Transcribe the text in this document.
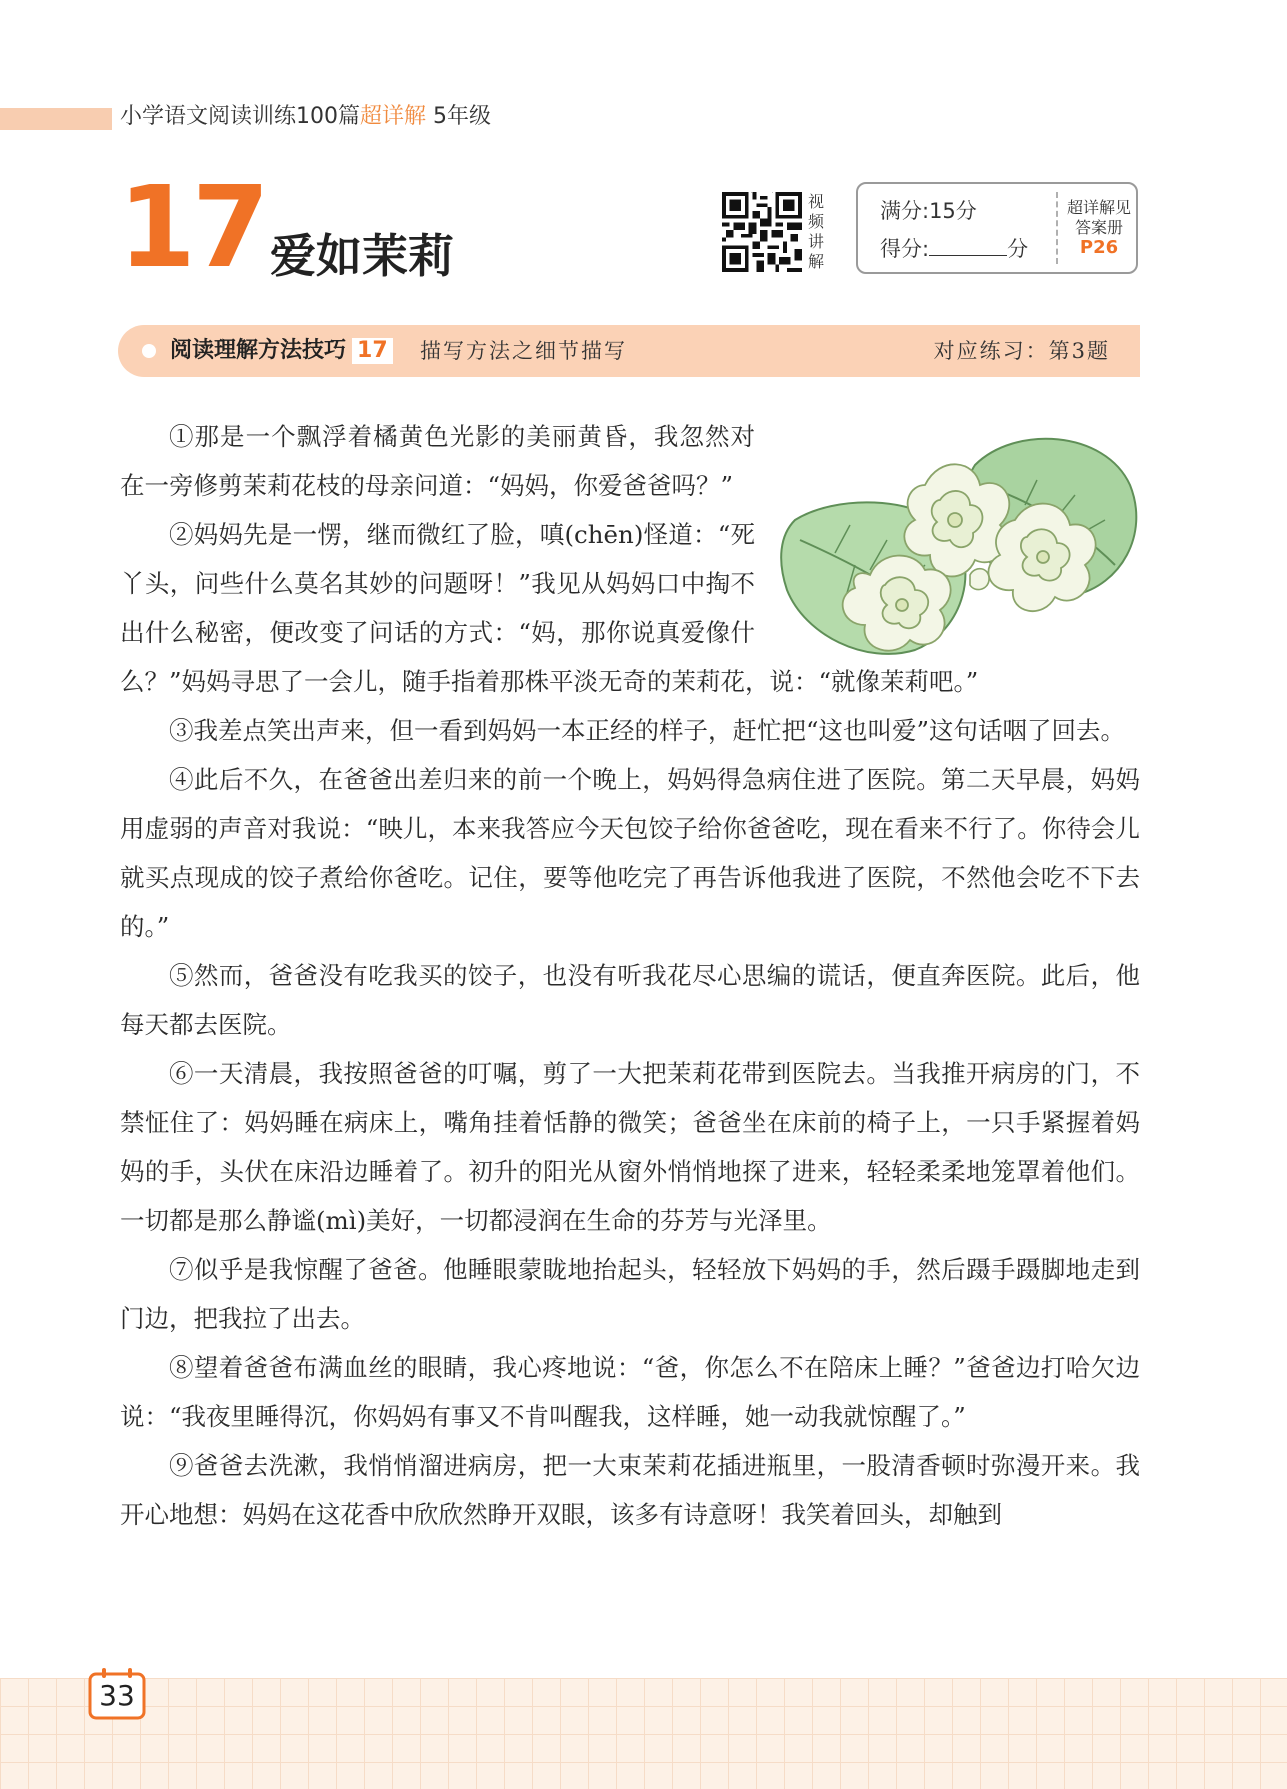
小学语文阅读训练100篇超详解 5年级
17 爱如茉莉
视
频
讲
解
满分:15分
得分:	分
超详解见
答案册
P26
阅读理解方法技巧 17 描写方法之细节描写	对应练习：第3题

①那是一个飘浮着橘黄色光影的美丽黄昏，我忽然对在一旁修剪茉莉花枝的母亲问道：“妈妈，你爱爸爸吗？”

②妈妈先是一愣，继而微红了脸，嗔(chēn)怪道：“死丫头，问些什么莫名其妙的问题呀！”我见从妈妈口中掏不出什么秘密，便改变了问话的方式：“妈，那你说真爱像什么？”妈妈寻思了一会儿，随手指着那株平淡无奇的茉莉花，说：“就像茉莉吧。”

③我差点笑出声来，但一看到妈妈一本正经的样子，赶忙把“这也叫爱”这句话咽了回去。

④此后不久，在爸爸出差归来的前一个晚上，妈妈得急病住进了医院。第二天早晨，妈妈用虚弱的声音对我说：“映儿，本来我答应今天包饺子给你爸爸吃，现在看来不行了。你待会儿就买点现成的饺子煮给你爸吃。记住，要等他吃完了再告诉他我进了医院，不然他会吃不下去的。”

⑤然而，爸爸没有吃我买的饺子，也没有听我花尽心思编的谎话，便直奔医院。此后，他每天都去医院。

⑥一天清晨，我按照爸爸的叮嘱，剪了一大把茉莉花带到医院去。当我推开病房的门，不禁怔住了：妈妈睡在病床上，嘴角挂着恬静的微笑；爸爸坐在床前的椅子上，一只手紧握着妈妈的手，头伏在床沿边睡着了。初升的阳光从窗外悄悄地探了进来，轻轻柔柔地笼罩着他们。一切都是那么静谧(mì)美好，一切都浸润在生命的芬芳与光泽里。

⑦似乎是我惊醒了爸爸。他睡眼蒙眬地抬起头，轻轻放下妈妈的手，然后蹑手蹑脚地走到门边，把我拉了出去。

⑧望着爸爸布满血丝的眼睛，我心疼地说：“爸，你怎么不在陪床上睡？”爸爸边打哈欠边说：“我夜里睡得沉，你妈妈有事又不肯叫醒我，这样睡，她一动我就惊醒了。”

⑨爸爸去洗漱，我悄悄溜进病房，把一大束茉莉花插进瓶里，一股清香顿时弥漫开来。我开心地想：妈妈在这花香中欣欣然睁开双眼，该多有诗意呀！我笑着回头，却触到

33
